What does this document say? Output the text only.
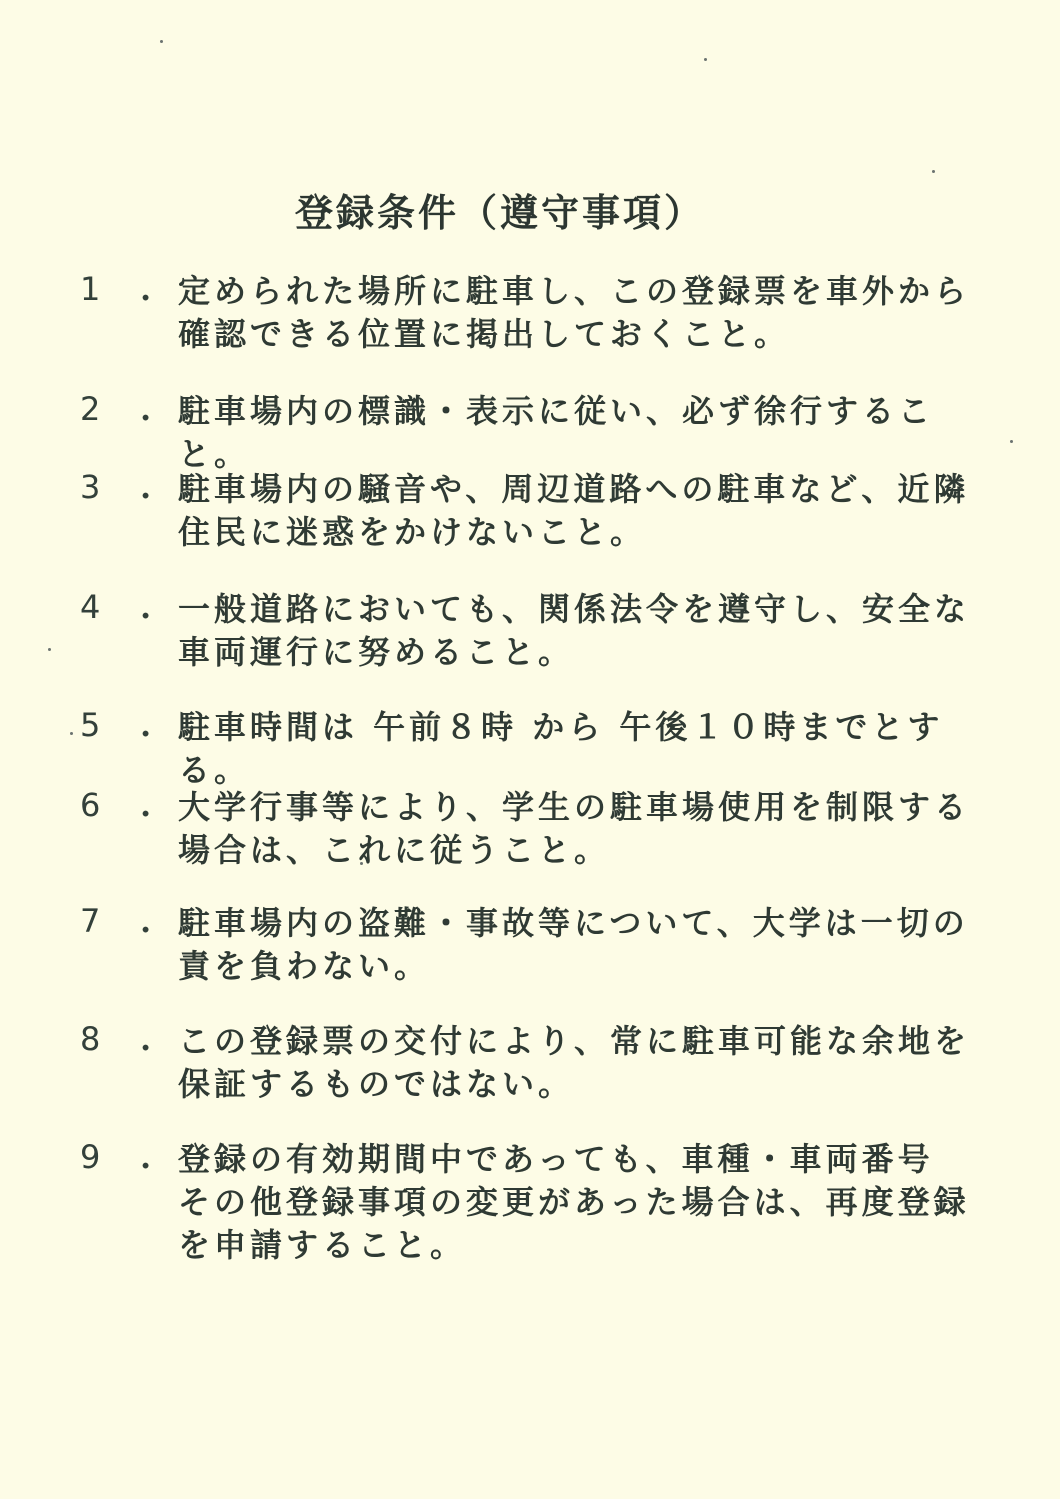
登録条件（遵守事項）
1	. 定められた場所に駐車し、この登録票を車外から
確認できる位置に掲出しておくこと。
2	. 駐車場内の標識・表示に従い、必ず徐行すること。
3	. 駐車場内の騒音や、周辺道路への駐車など、近隣
住民に迷惑をかけないこと。
4	. 一般道路においても、関係法令を遵守し、安全な
車両運行に努めること。
5	. 駐車時間は 午前８時 から 午後１０時までとする。
6	. 大学行事等により、学生の駐車場使用を制限する
場合は、これに従うこと。
7	. 駐車場内の盗難・事故等について、大学は一切の
責を負わない。
8	. この登録票の交付により、常に駐車可能な余地を
保証するものではない。
9	. 登録の有効期間中であっても、車種・車両番号
その他登録事項の変更があった場合は、再度登録
を申請すること。
